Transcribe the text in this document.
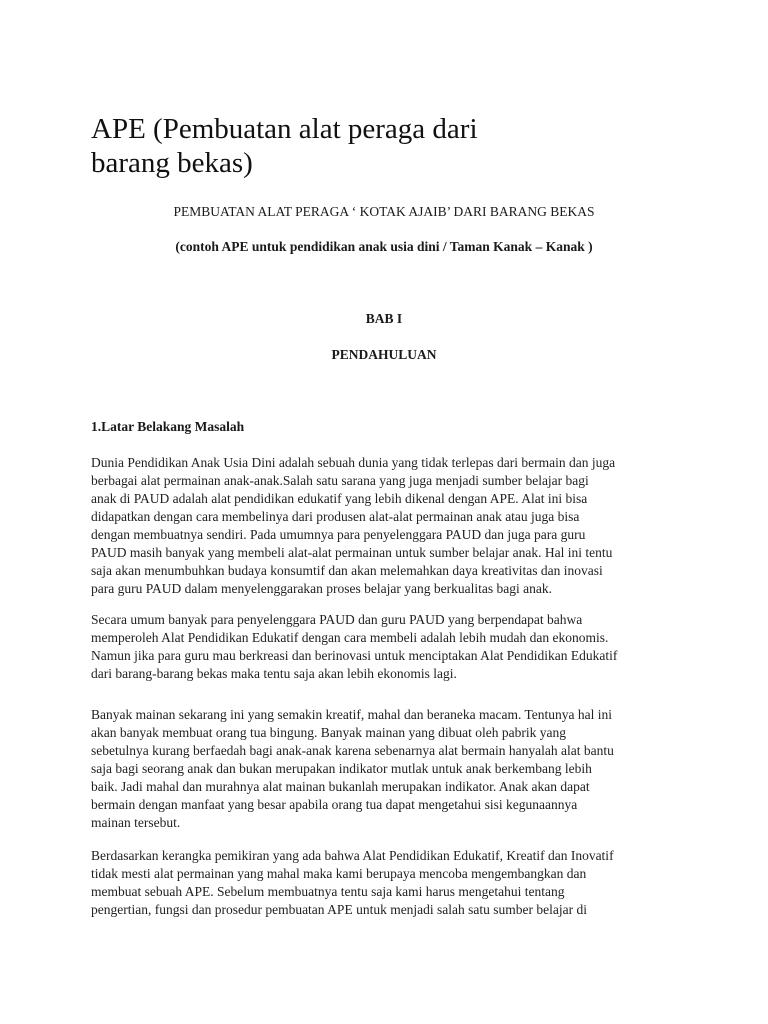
APE (Pembuatan alat peraga dari
barang bekas)

PEMBUATAN ALAT PERAGA ‘ KOTAK AJAIB’ DARI BARANG BEKAS

(contoh APE untuk pendidikan anak usia dini / Taman Kanak – Kanak )

BAB I

PENDAHULUAN

1.Latar Belakang Masalah

Dunia Pendidikan Anak Usia Dini adalah sebuah dunia yang tidak terlepas dari bermain dan juga
berbagai alat permainan anak-anak.Salah satu sarana yang juga menjadi sumber belajar bagi
anak di PAUD adalah alat pendidikan edukatif yang lebih dikenal dengan APE. Alat ini bisa
didapatkan dengan cara membelinya dari produsen alat-alat permainan anak atau juga bisa
dengan membuatnya sendiri. Pada umumnya para penyelenggara PAUD dan juga para guru
PAUD masih banyak yang membeli alat-alat permainan untuk sumber belajar anak. Hal ini tentu
saja akan menumbuhkan budaya konsumtif dan akan melemahkan daya kreativitas dan inovasi
para guru PAUD dalam menyelenggarakan proses belajar yang berkualitas bagi anak.

Secara umum banyak para penyelenggara PAUD dan guru PAUD yang berpendapat bahwa
memperoleh Alat Pendidikan Edukatif dengan cara membeli adalah lebih mudah dan ekonomis.
Namun jika para guru mau berkreasi dan berinovasi untuk menciptakan Alat Pendidikan Edukatif
dari barang-barang bekas maka tentu saja akan lebih ekonomis lagi.

Banyak mainan sekarang ini yang semakin kreatif, mahal dan beraneka macam. Tentunya hal ini
akan banyak membuat orang tua bingung. Banyak mainan yang dibuat oleh pabrik yang
sebetulnya kurang berfaedah bagi anak-anak karena sebenarnya alat bermain hanyalah alat bantu
saja bagi seorang anak dan bukan merupakan indikator mutlak untuk anak berkembang lebih
baik. Jadi mahal dan murahnya alat mainan bukanlah merupakan indikator. Anak akan dapat
bermain dengan manfaat yang besar apabila orang tua dapat mengetahui sisi kegunaannya
mainan tersebut.

Berdasarkan kerangka pemikiran yang ada bahwa Alat Pendidikan Edukatif, Kreatif dan Inovatif
tidak mesti alat permainan yang mahal maka kami berupaya mencoba mengembangkan dan
membuat sebuah APE. Sebelum membuatnya tentu saja kami harus mengetahui tentang
pengertian, fungsi dan prosedur pembuatan APE untuk menjadi salah satu sumber belajar di
